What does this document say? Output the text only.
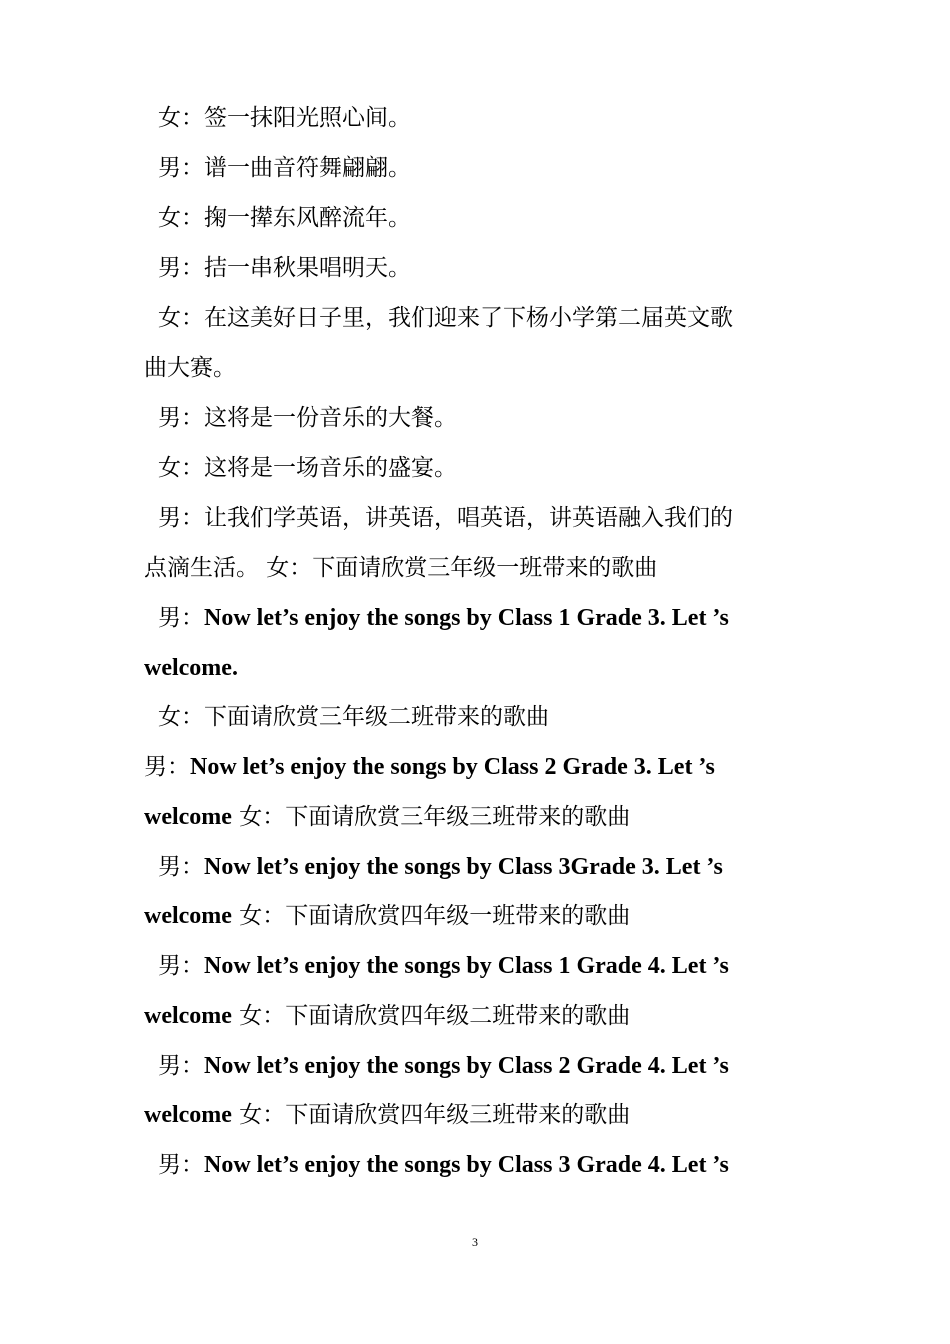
女：签一抹阳光照心间。
男：谱一曲音符舞翩翩。
女：掬一撵东风醉流年。
男：拮一串秋果唱明天。
女：在这美好日子里，我们迎来了下杨小学第二届英文歌
曲大赛。
男：这将是一份音乐的大餐。
女：这将是一场音乐的盛宴。
男：让我们学英语，讲英语，唱英语，讲英语融入我们的
点滴生活。 女：下面请欣赏三年级一班带来的歌曲
男：Now let’s enjoy the songs by Class 1 Grade 3. Let ’s
welcome.
女：下面请欣赏三年级二班带来的歌曲
男：Now let’s enjoy the songs by Class 2 Grade 3. Let ’s
welcome 女：下面请欣赏三年级三班带来的歌曲
男：Now let’s enjoy the songs by Class 3Grade 3. Let ’s
welcome 女：下面请欣赏四年级一班带来的歌曲
男：Now let’s enjoy the songs by Class 1 Grade 4. Let ’s
welcome 女：下面请欣赏四年级二班带来的歌曲
男：Now let’s enjoy the songs by Class 2 Grade 4. Let ’s
welcome 女：下面请欣赏四年级三班带来的歌曲
男：Now let’s enjoy the songs by Class 3 Grade 4. Let ’s
3
